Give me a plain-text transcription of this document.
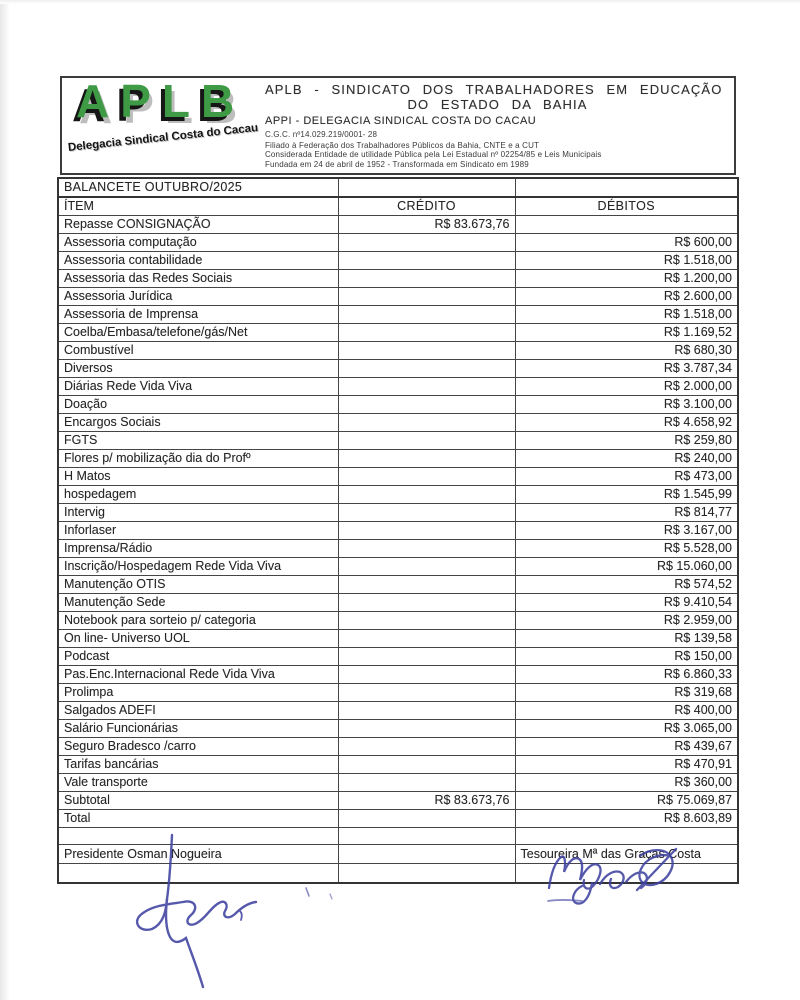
APLB
Delegacia Sindical Costa do Cacau
APLB - SINDICATO DOS TRABALHADORES EM EDUCAÇÃO
DO ESTADO DA BAHIA
APPI - DELEGACIA SINDICAL COSTA DO CACAU
C.G.C. nº14.029.219/0001- 28
Filiado à Federação dos Trabalhadores Públicos da Bahia, CNTE e a CUT
Considerada Entidade de utilidade Pública pela Lei Estadual nº 02254/85 e Leis Municipais
Fundada em 24 de abril de 1952 - Transformada em Sindicato em 1989
BALANCETE OUTUBRO/2025		
ÍTEM	CRÉDITO	DÉBITOS
Repasse CONSIGNAÇÃO	R$ 83.673,76	
Assessoria computação		R$ 600,00
Assessoria contabilidade		R$ 1.518,00
Assessoria das Redes Sociais		R$ 1.200,00
Assessoria Jurídica		R$ 2.600,00
Assessoria de Imprensa		R$ 1.518,00
Coelba/Embasa/telefone/gás/Net		R$ 1.169,52
Combustível		R$ 680,30
Diversos		R$ 3.787,34
Diárias Rede Vida Viva		R$ 2.000,00
Doação		R$ 3.100,00
Encargos Sociais		R$ 4.658,92
FGTS		R$ 259,80
Flores p/ mobilização dia do Profº		R$ 240,00
H Matos		R$ 473,00
hospedagem		R$ 1.545,99
Intervig		R$ 814,77
Inforlaser		R$ 3.167,00
Imprensa/Rádio		R$ 5.528,00
Inscrição/Hospedagem Rede Vida Viva		R$ 15.060,00
Manutenção OTIS		R$ 574,52
Manutenção Sede		R$ 9.410,54
Notebook para sorteio p/ categoria		R$ 2.959,00
On line- Universo UOL		R$ 139,58
Podcast		R$ 150,00
Pas.Enc.Internacional Rede Vida Viva		R$ 6.860,33
Prolimpa		R$ 319,68
Salgados ADEFI		R$ 400,00
Salário Funcionárias		R$ 3.065,00
Seguro Bradesco /carro		R$ 439,67
Tarifas bancárias		R$ 470,91
Vale transporte		R$ 360,00
Subtotal	R$ 83.673,76	R$ 75.069,87
Total		R$ 8.603,89

Presidente Osman Nogueira		Tesoureira Mª das Graças Costa
